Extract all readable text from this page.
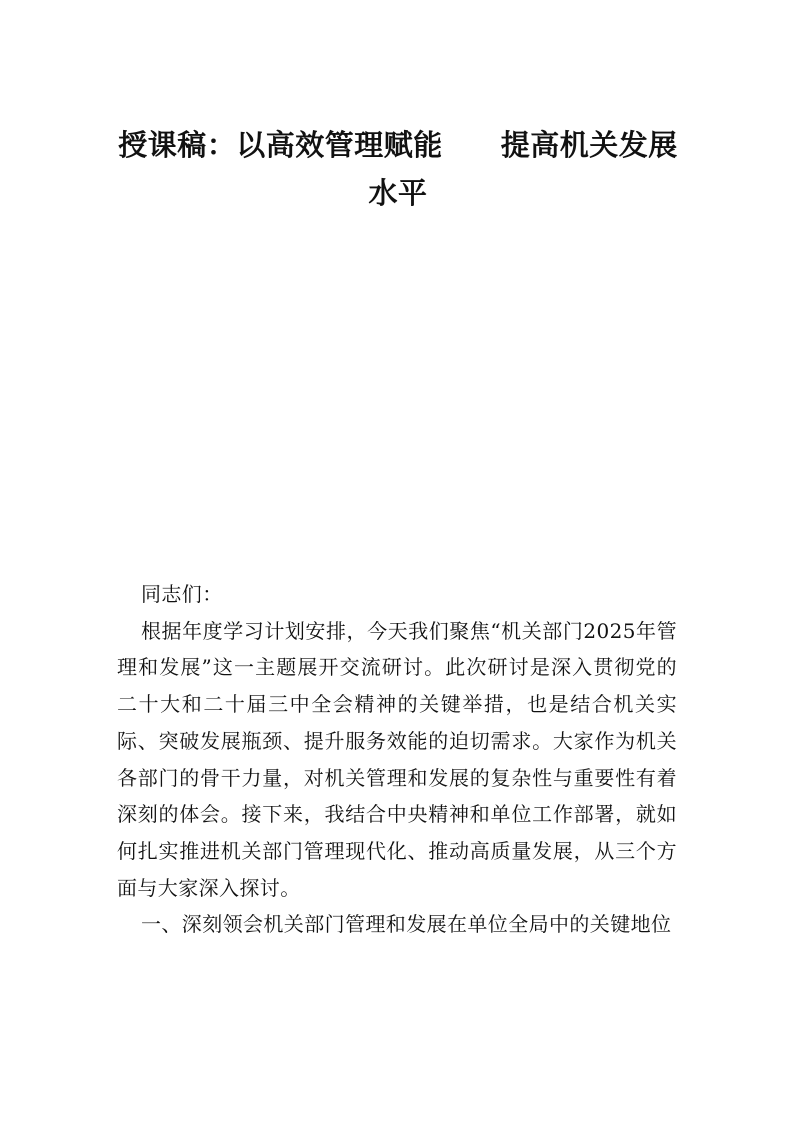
授课稿：以高效管理赋能 提高机关发展水平

同志们：

根据年度学习计划安排，今天我们聚焦“机关部门2025年管理和发展”这一主题展开交流研讨。此次研讨是深入贯彻党的二十大和二十届三中全会精神的关键举措，也是结合机关实际、突破发展瓶颈、提升服务效能的迫切需求。大家作为机关各部门的骨干力量，对机关管理和发展的复杂性与重要性有着深刻的体会。接下来，我结合中央精神和单位工作部署，就如何扎实推进机关部门管理现代化、推动高质量发展，从三个方面与大家深入探讨。

一、深刻领会机关部门管理和发展在单位全局中的关键地位
